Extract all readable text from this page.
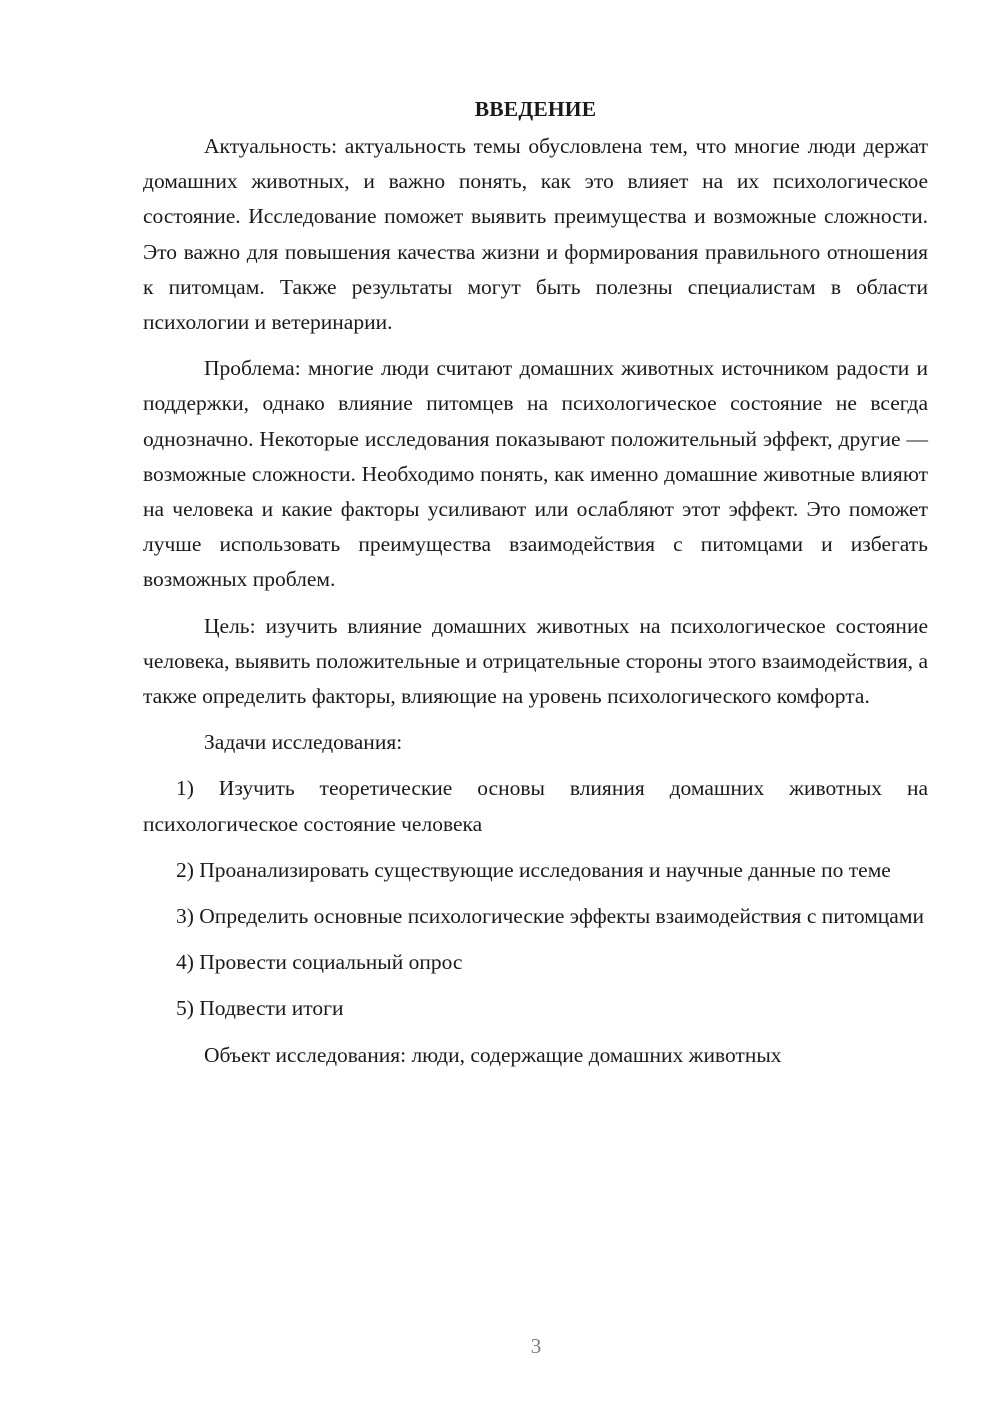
ВВЕДЕНИЕ

Актуальность: актуальность темы обусловлена тем, что многие люди держат домашних животных, и важно понять, как это влияет на их психологическое состояние. Исследование поможет выявить преимущества и возможные сложности. Это важно для повышения качества жизни и формирования правильного отношения к питомцам. Также результаты могут быть полезны специалистам в области психологии и ветеринарии.

Проблема: многие люди считают домашних животных источником радости и поддержки, однако влияние питомцев на психологическое состояние не всегда однозначно. Некоторые исследования показывают положительный эффект, другие — возможные сложности. Необходимо понять, как именно домашние животные влияют на человека и какие факторы усиливают или ослабляют этот эффект. Это поможет лучше использовать преимущества взаимодействия с питомцами и избегать возможных проблем.

Цель: изучить влияние домашних животных на психологическое состояние человека, выявить положительные и отрицательные стороны этого взаимодействия, а также определить факторы, влияющие на уровень психологического комфорта.

Задачи исследования:

1) Изучить теоретические основы влияния домашних животных на психологическое состояние человека

2) Проанализировать существующие исследования и научные данные по теме

3) Определить основные психологические эффекты взаимодействия с питомцами

4) Провести социальный опрос

5) Подвести итоги

Объект исследования: люди, содержащие домашних животных

3
